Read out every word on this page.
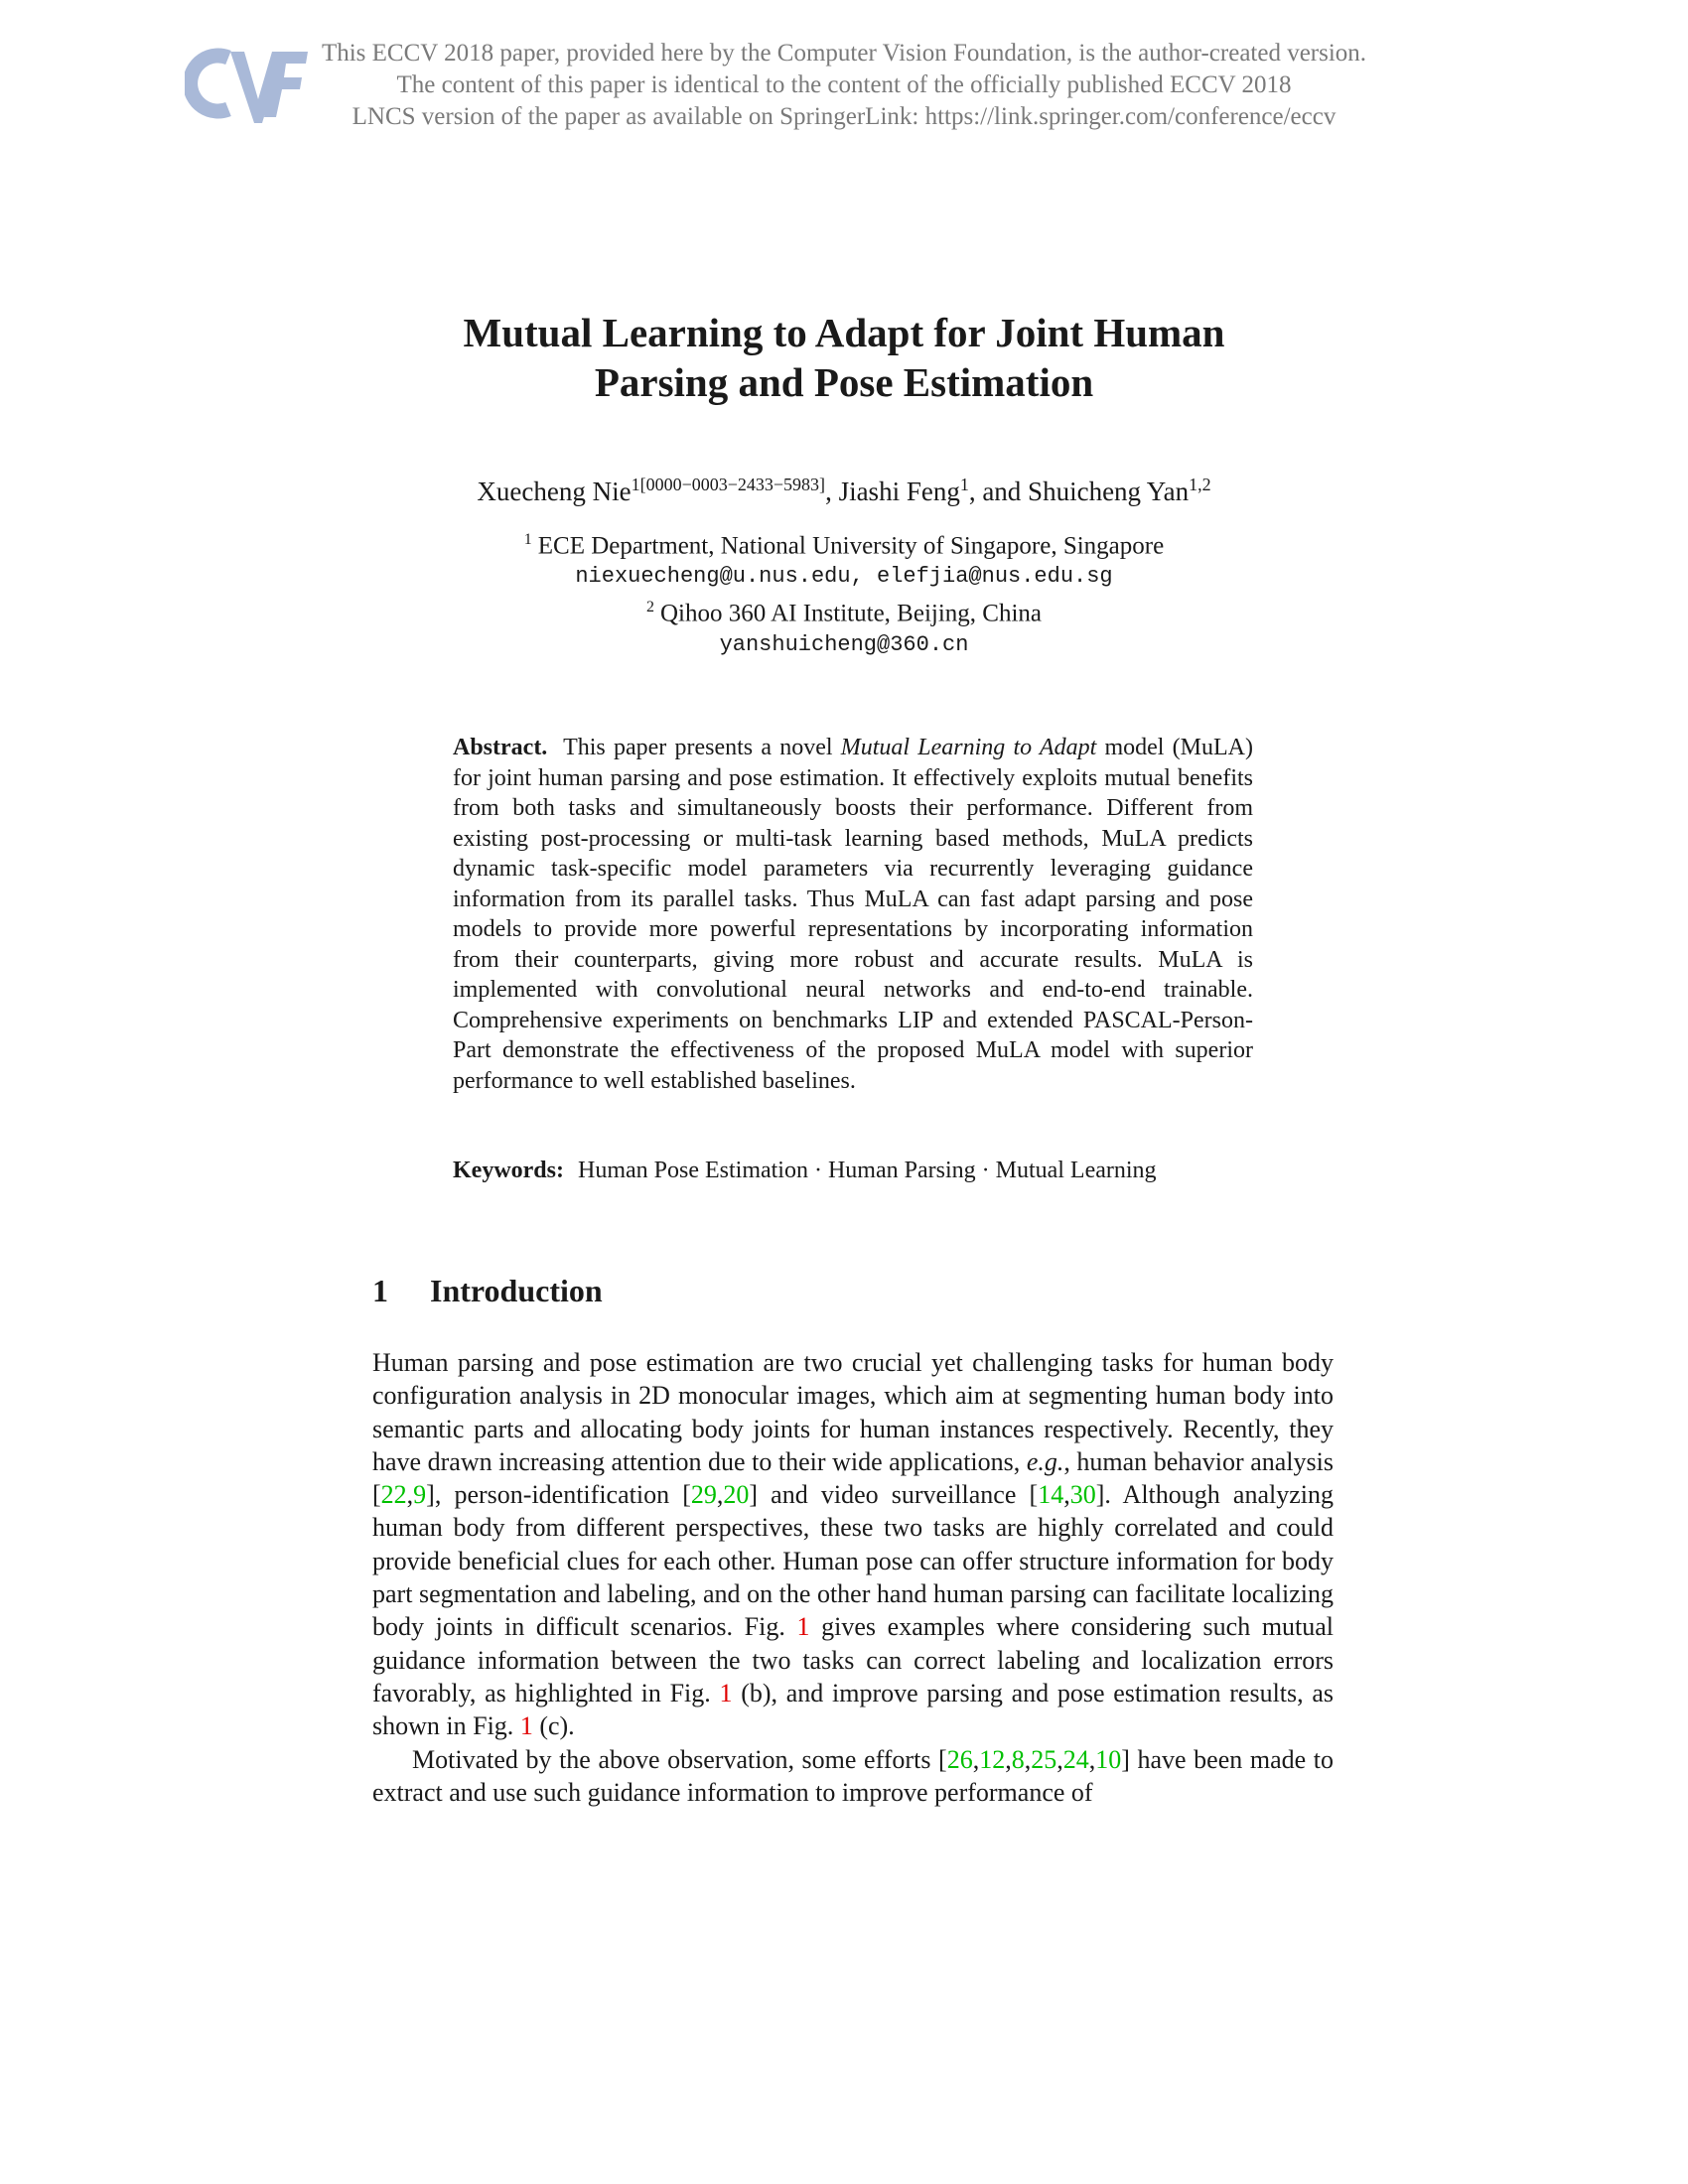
This ECCV 2018 paper, provided here by the Computer Vision Foundation, is the author-created version.
The content of this paper is identical to the content of the officially published ECCV 2018
LNCS version of the paper as available on SpringerLink: https://link.springer.com/conference/eccv
Mutual Learning to Adapt for Joint Human
Parsing and Pose Estimation
Xuecheng Nie$^{1[0000-0003-2433-5983]}$, Jiashi Feng$^1$, and Shuicheng Yan$^{1,2}$
$^1$ ECE Department, National University of Singapore, Singapore
niexuecheng@u.nus.edu, elefjia@nus.edu.sg
$^2$ Qihoo 360 AI Institute, Beijing, China
yanshuicheng@360.cn
Abstract. This paper presents a novel Mutual Learning to Adapt model (MuLA) for joint human parsing and pose estimation. It effectively exploits mutual benefits from both tasks and simultaneously boosts their performance. Different from existing post-processing or multi-task learning based methods, MuLA predicts dynamic task-specific model parameters via recurrently leveraging guidance information from its parallel tasks. Thus MuLA can fast adapt parsing and pose models to provide more powerful representations by incorporating information from their counterparts, giving more robust and accurate results. MuLA is implemented with convolutional neural networks and end-to-end trainable. Comprehensive experiments on benchmarks LIP and extended PASCAL-Person-Part demonstrate the effectiveness of the proposed MuLA model with superior performance to well established baselines.
Keywords: Human Pose Estimation · Human Parsing · Mutual Learning
1 Introduction

Human parsing and pose estimation are two crucial yet challenging tasks for human body configuration analysis in 2D monocular images, which aim at segmenting human body into semantic parts and allocating body joints for human instances respectively. Recently, they have drawn increasing attention due to their wide applications, e.g., human behavior analysis [22,9], person-identification [29,20] and video surveillance [14,30]. Although analyzing human body from different perspectives, these two tasks are highly correlated and could provide beneficial clues for each other. Human pose can offer structure information for body part segmentation and labeling, and on the other hand human parsing can facilitate localizing body joints in difficult scenarios. Fig. 1 gives examples where considering such mutual guidance information between the two tasks can correct labeling and localization errors favorably, as highlighted in Fig. 1 (b), and improve parsing and pose estimation results, as shown in Fig. 1 (c).

Motivated by the above observation, some efforts [26,12,8,25,24,10] have been made to extract and use such guidance information to improve performance of
